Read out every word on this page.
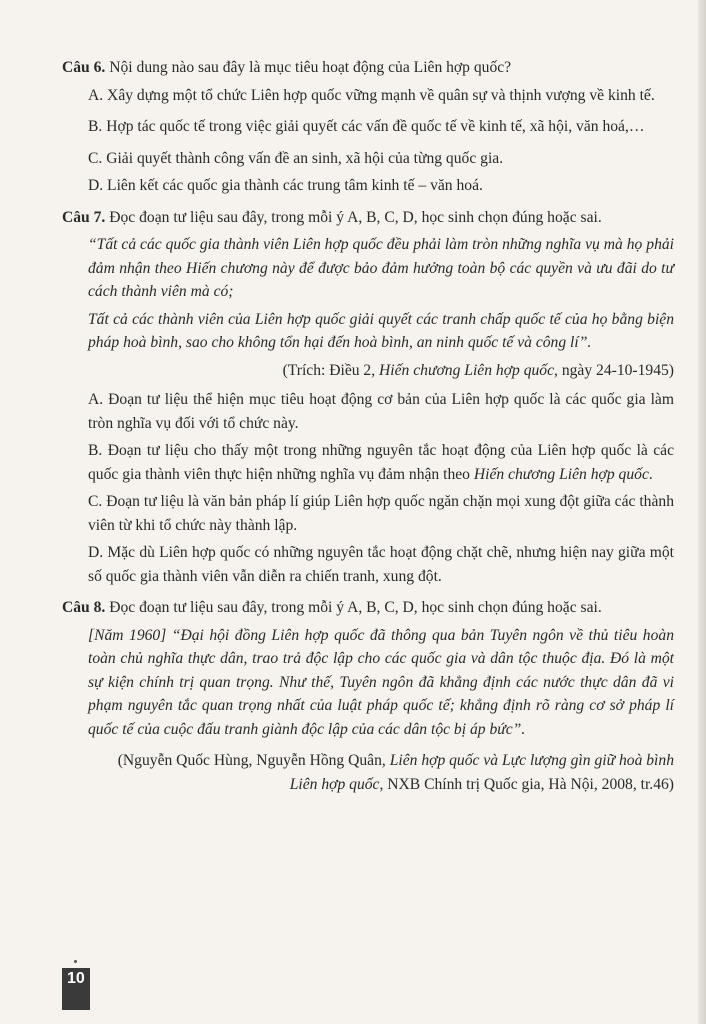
Câu 6. Nội dung nào sau đây là mục tiêu hoạt động của Liên hợp quốc?

A. Xây dựng một tổ chức Liên hợp quốc vững mạnh về quân sự và thịnh vượng về kinh tế.

B. Hợp tác quốc tế trong việc giải quyết các vấn đề quốc tế về kinh tế, xã hội, văn hoá,…

C. Giải quyết thành công vấn đề an sinh, xã hội của từng quốc gia.

D. Liên kết các quốc gia thành các trung tâm kinh tế – văn hoá.

Câu 7. Đọc đoạn tư liệu sau đây, trong mỗi ý A, B, C, D, học sinh chọn đúng hoặc sai.

“Tất cả các quốc gia thành viên Liên hợp quốc đều phải làm tròn những nghĩa vụ mà họ phải đảm nhận theo Hiến chương này để được bảo đảm hưởng toàn bộ các quyền và ưu đãi do tư cách thành viên mà có;

Tất cả các thành viên của Liên hợp quốc giải quyết các tranh chấp quốc tế của họ bằng biện pháp hoà bình, sao cho không tổn hại đến hoà bình, an ninh quốc tế và công lí”.

(Trích: Điều 2, Hiến chương Liên hợp quốc, ngày 24-10-1945)

A. Đoạn tư liệu thể hiện mục tiêu hoạt động cơ bản của Liên hợp quốc là các quốc gia làm tròn nghĩa vụ đối với tổ chức này.

B. Đoạn tư liệu cho thấy một trong những nguyên tắc hoạt động của Liên hợp quốc là các quốc gia thành viên thực hiện những nghĩa vụ đảm nhận theo Hiến chương Liên hợp quốc.

C. Đoạn tư liệu là văn bản pháp lí giúp Liên hợp quốc ngăn chặn mọi xung đột giữa các thành viên từ khi tổ chức này thành lập.

D. Mặc dù Liên hợp quốc có những nguyên tắc hoạt động chặt chẽ, nhưng hiện nay giữa một số quốc gia thành viên vẫn diễn ra chiến tranh, xung đột.

Câu 8. Đọc đoạn tư liệu sau đây, trong mỗi ý A, B, C, D, học sinh chọn đúng hoặc sai.

[Năm 1960] “Đại hội đồng Liên hợp quốc đã thông qua bản Tuyên ngôn về thủ tiêu hoàn toàn chủ nghĩa thực dân, trao trả độc lập cho các quốc gia và dân tộc thuộc địa. Đó là một sự kiện chính trị quan trọng. Như thế, Tuyên ngôn đã khẳng định các nước thực dân đã vi phạm nguyên tắc quan trọng nhất của luật pháp quốc tế; khẳng định rõ ràng cơ sở pháp lí quốc tế của cuộc đấu tranh giành độc lập của các dân tộc bị áp bức”.

(Nguyễn Quốc Hùng, Nguyễn Hồng Quân, Liên hợp quốc và Lực lượng gìn giữ hoà bình Liên hợp quốc, NXB Chính trị Quốc gia, Hà Nội, 2008, tr.46)

10
